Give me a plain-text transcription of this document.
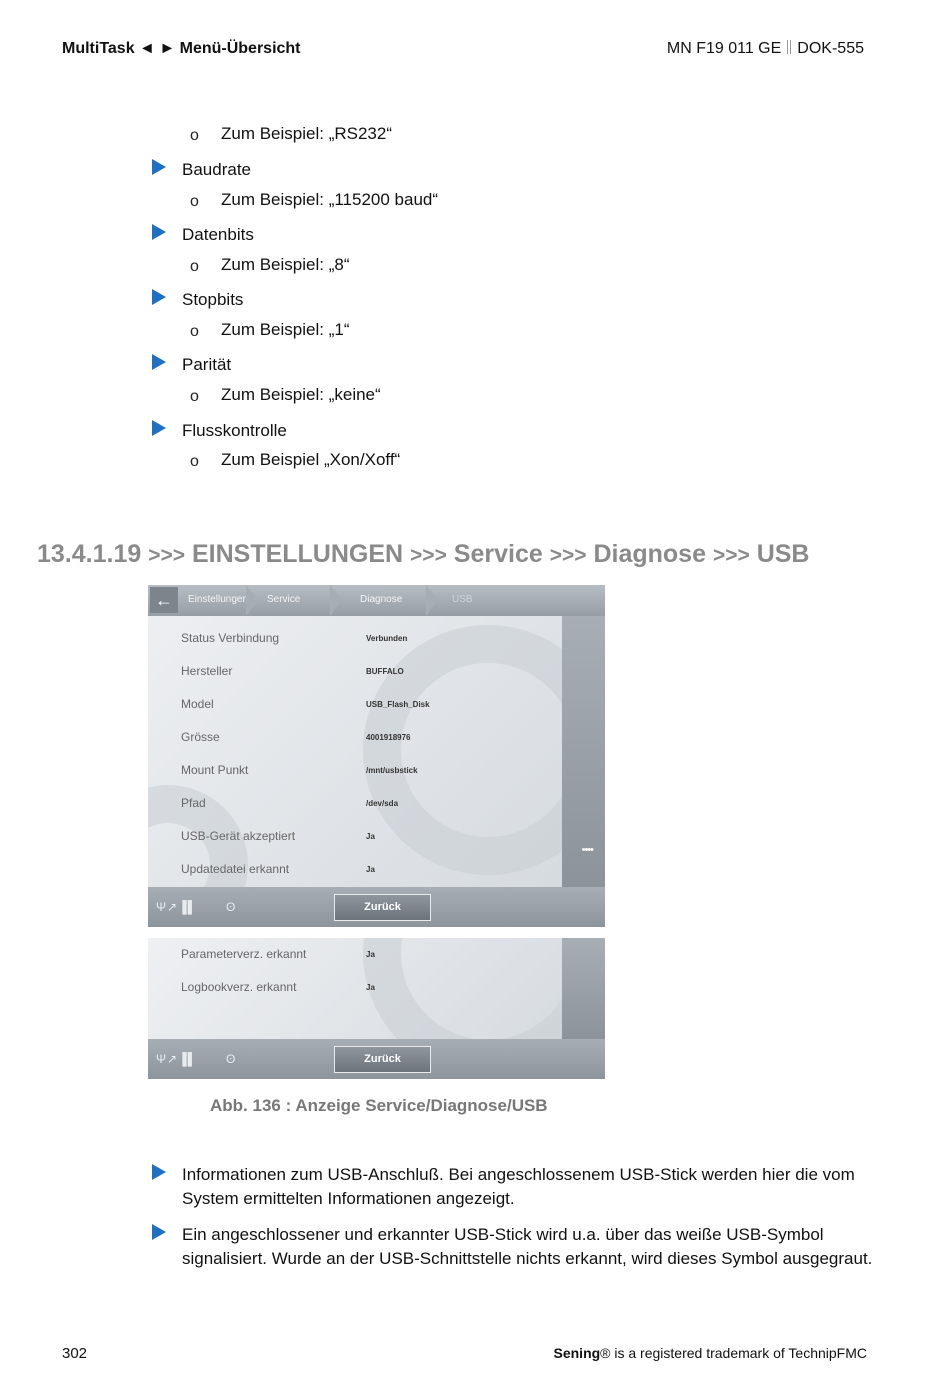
MultiTask ◄ ► Menü-Übersicht	MN F19 011 GE DOK-555
o Zum Beispiel: „RS232“
Baudrate
o Zum Beispiel: „115200 baud“
Datenbits
o Zum Beispiel: „8“
Stopbits
o Zum Beispiel: „1“
Parität
o Zum Beispiel: „keine“
Flusskontrolle
o Zum Beispiel „Xon/Xoff“
13.4.1.19 >>> EINSTELLUNGEN >>> Service >>> Diagnose >>> USB
←	Einstellungen Service	Diagnose	USB
••••
Status Verbindung	Verbunden
Hersteller	BUFFALO
Model	USB_Flash_Disk
Grösse	4001918976
Mount Punkt	/mnt/usbstick
Pfad	/dev/sda
USB-Gerät akzeptiert	Ja
Updatedatei erkannt	Ja
Ψ↗▐▌ ʘ	Zurück
Parameterverz. erkannt	Ja
Logbookverz. erkannt	Ja
Ψ↗▐▌ ʘ	Zurück
Abb. 136 : Anzeige Service/Diagnose/USB
Informationen zum USB-Anschluß. Bei angeschlossenem USB-Stick werden hier die vom System ermittelten Informationen angezeigt.
Ein angeschlossener und erkannter USB-Stick wird u.a. über das weiße USB-Symbol signalisiert. Wurde an der USB-Schnittstelle nichts erkannt, wird dieses Symbol ausgegraut.
302	Sening® is a registered trademark of TechnipFMC
